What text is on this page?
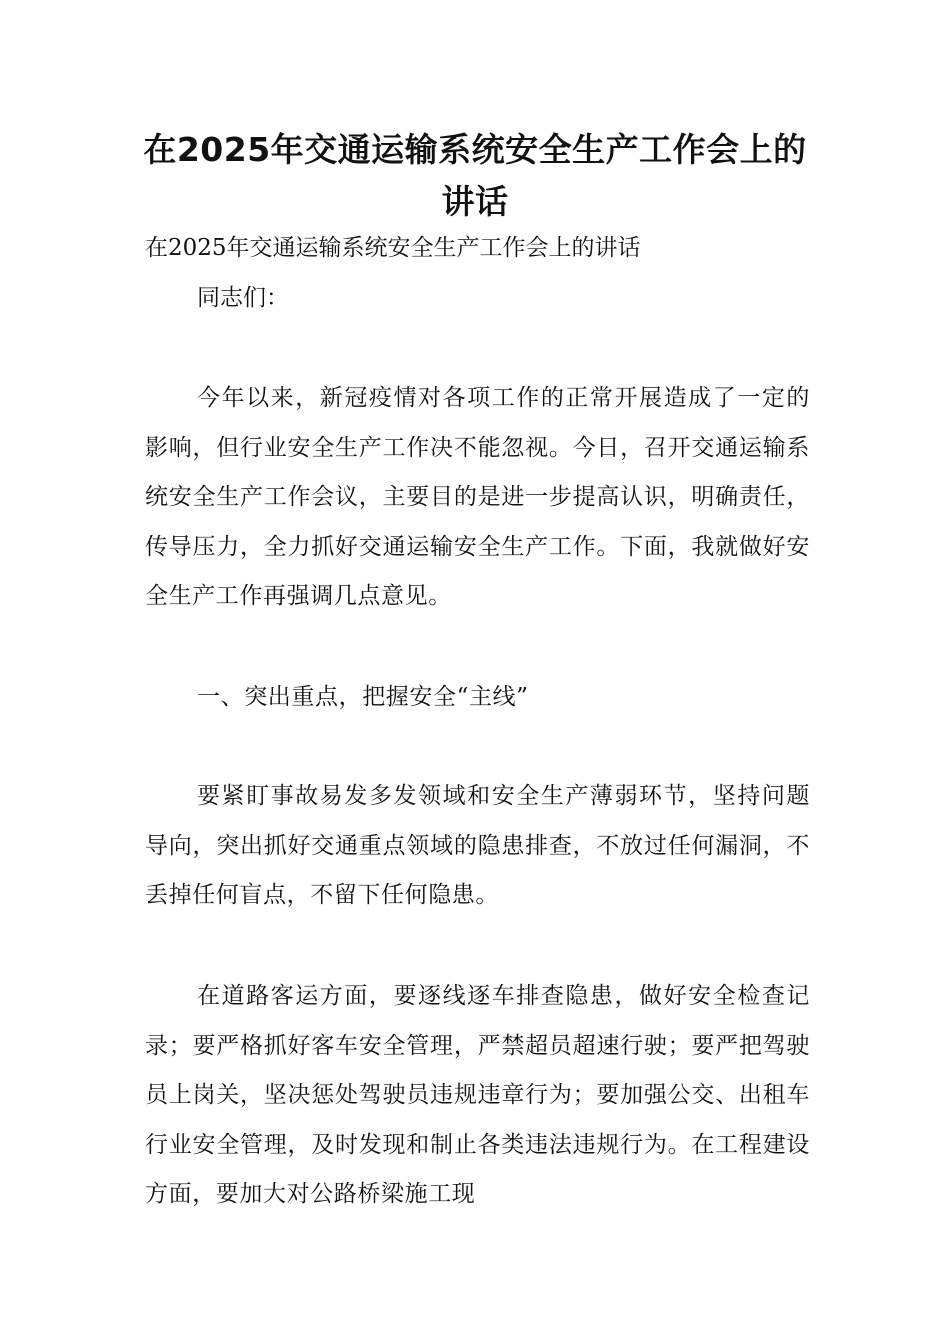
在2025年交通运输系统安全生产工作会上的讲话

在2025年交通运输系统安全生产工作会上的讲话

同志们：

今年以来，新冠疫情对各项工作的正常开展造成了一定的影响，但行业安全生产工作决不能忽视。今日，召开交通运输系统安全生产工作会议，主要目的是进一步提高认识，明确责任，传导压力，全力抓好交通运输安全生产工作。下面，我就做好安全生产工作再强调几点意见。

一、突出重点，把握安全“主线”

要紧盯事故易发多发领域和安全生产薄弱环节，坚持问题导向，突出抓好交通重点领域的隐患排查，不放过任何漏洞，不丢掉任何盲点，不留下任何隐患。

在道路客运方面，要逐线逐车排查隐患，做好安全检查记录；要严格抓好客车安全管理，严禁超员超速行驶；要严把驾驶员上岗关，坚决惩处驾驶员违规违章行为；要加强公交、出租车行业安全管理，及时发现和制止各类违法违规行为。在工程建设方面，要加大对公路桥梁施工现
